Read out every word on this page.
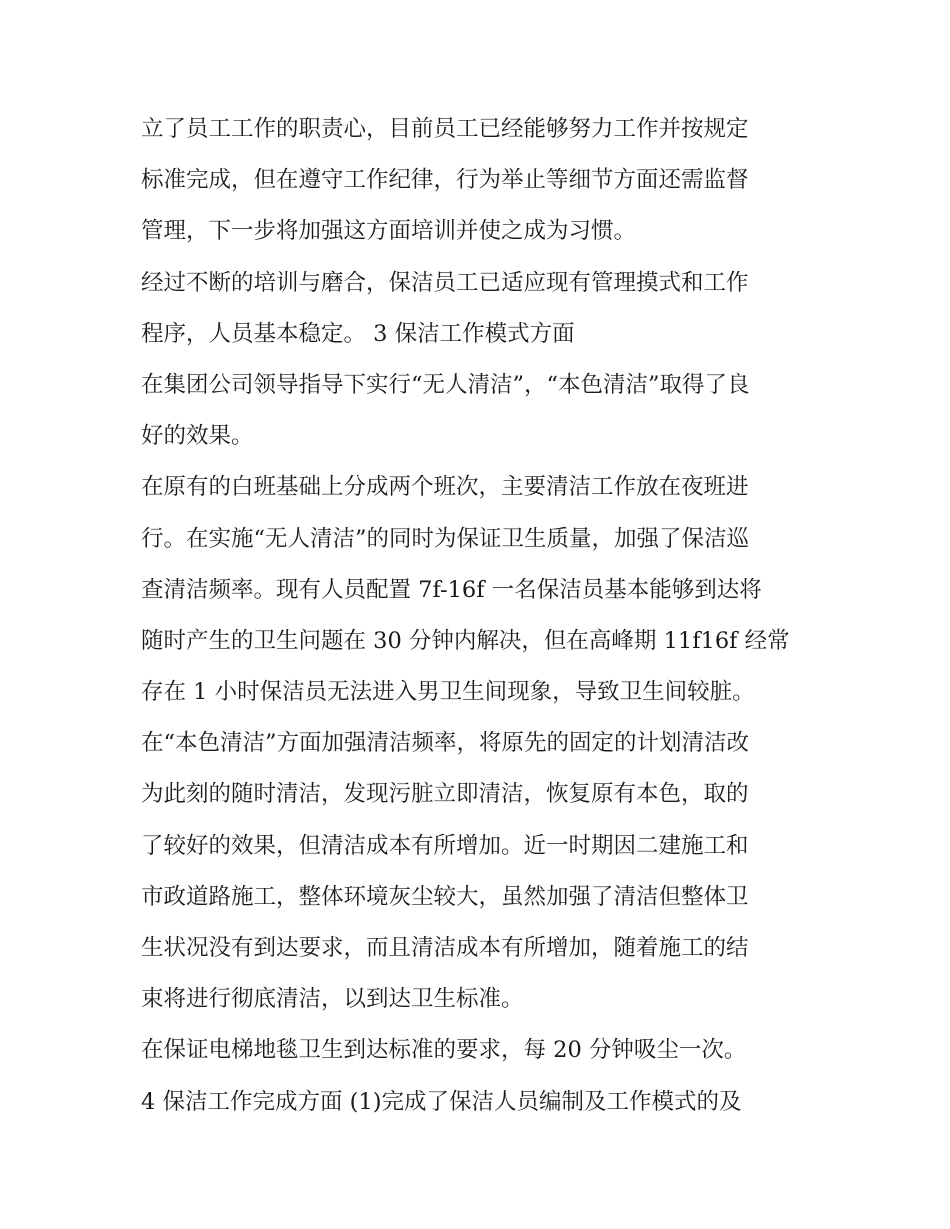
立了员工工作的职责心，目前员工已经能够努力工作并按规定
标准完成，但在遵守工作纪律，行为举止等细节方面还需监督
管理，下一步将加强这方面培训并使之成为习惯。
经过不断的培训与磨合，保洁员工已适应现有管理摸式和工作
程序，人员基本稳定。 3 保洁工作模式方面
在集团公司领导指导下实行“无人清洁”，“本色清洁”取得了良
好的效果。
在原有的白班基础上分成两个班次，主要清洁工作放在夜班进
行。在实施“无人清洁”的同时为保证卫生质量，加强了保洁巡
查清洁频率。现有人员配置 7f-16f 一名保洁员基本能够到达将
随时产生的卫生问题在 30 分钟内解决，但在高峰期 11f16f 经常
存在 1 小时保洁员无法进入男卫生间现象，导致卫生间较脏。
在“本色清洁”方面加强清洁频率，将原先的固定的计划清洁改
为此刻的随时清洁，发现污脏立即清洁，恢复原有本色，取的
了较好的效果，但清洁成本有所增加。近一时期因二建施工和
市政道路施工，整体环境灰尘较大，虽然加强了清洁但整体卫
生状况没有到达要求，而且清洁成本有所增加，随着施工的结
束将进行彻底清洁，以到达卫生标准。
在保证电梯地毯卫生到达标准的要求，每 20 分钟吸尘一次。
4 保洁工作完成方面 (1)完成了保洁人员编制及工作模式的及
